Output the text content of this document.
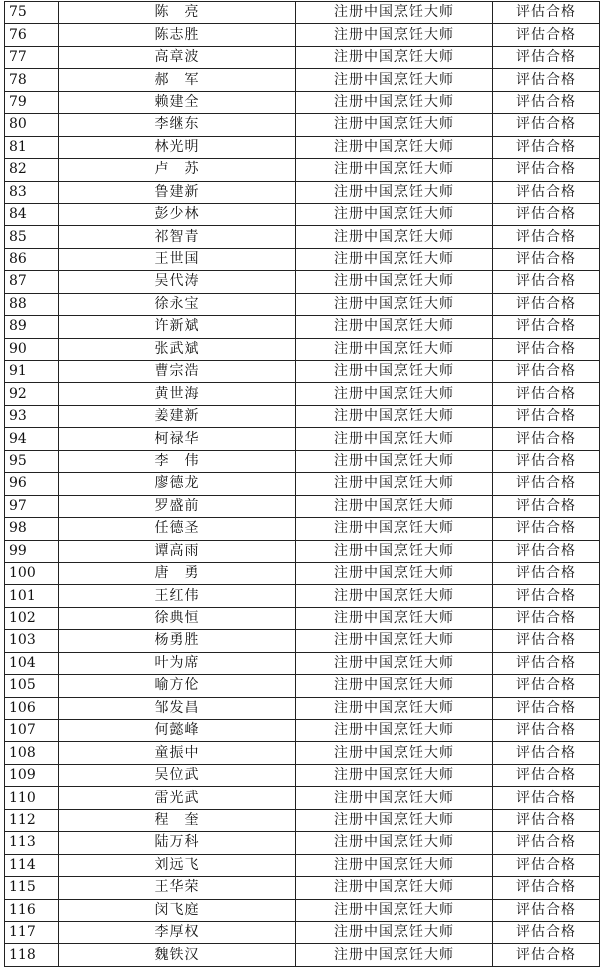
75	陈　亮	注册中国烹饪大师	评估合格
76	陈志胜	注册中国烹饪大师	评估合格
77	高章波	注册中国烹饪大师	评估合格
78	郝　军	注册中国烹饪大师	评估合格
79	赖建全	注册中国烹饪大师	评估合格
80	李继东	注册中国烹饪大师	评估合格
81	林光明	注册中国烹饪大师	评估合格
82	卢　苏	注册中国烹饪大师	评估合格
83	鲁建新	注册中国烹饪大师	评估合格
84	彭少林	注册中国烹饪大师	评估合格
85	祁智青	注册中国烹饪大师	评估合格
86	王世国	注册中国烹饪大师	评估合格
87	吴代涛	注册中国烹饪大师	评估合格
88	徐永宝	注册中国烹饪大师	评估合格
89	许新斌	注册中国烹饪大师	评估合格
90	张武斌	注册中国烹饪大师	评估合格
91	曹宗浩	注册中国烹饪大师	评估合格
92	黄世海	注册中国烹饪大师	评估合格
93	姜建新	注册中国烹饪大师	评估合格
94	柯禄华	注册中国烹饪大师	评估合格
95	李　伟	注册中国烹饪大师	评估合格
96	廖德龙	注册中国烹饪大师	评估合格
97	罗盛前	注册中国烹饪大师	评估合格
98	任德圣	注册中国烹饪大师	评估合格
99	谭高雨	注册中国烹饪大师	评估合格
100	唐　勇	注册中国烹饪大师	评估合格
101	王红伟	注册中国烹饪大师	评估合格
102	徐典恒	注册中国烹饪大师	评估合格
103	杨勇胜	注册中国烹饪大师	评估合格
104	叶为席	注册中国烹饪大师	评估合格
105	喻方伦	注册中国烹饪大师	评估合格
106	邹发昌	注册中国烹饪大师	评估合格
107	何懿峰	注册中国烹饪大师	评估合格
108	童振中	注册中国烹饪大师	评估合格
109	吴位武	注册中国烹饪大师	评估合格
110	雷光武	注册中国烹饪大师	评估合格
112	程　奎	注册中国烹饪大师	评估合格
113	陆万科	注册中国烹饪大师	评估合格
114	刘远飞	注册中国烹饪大师	评估合格
115	王华荣	注册中国烹饪大师	评估合格
116	闵飞庭	注册中国烹饪大师	评估合格
117	李厚权	注册中国烹饪大师	评估合格
118	魏铁汉	注册中国烹饪大师	评估合格
